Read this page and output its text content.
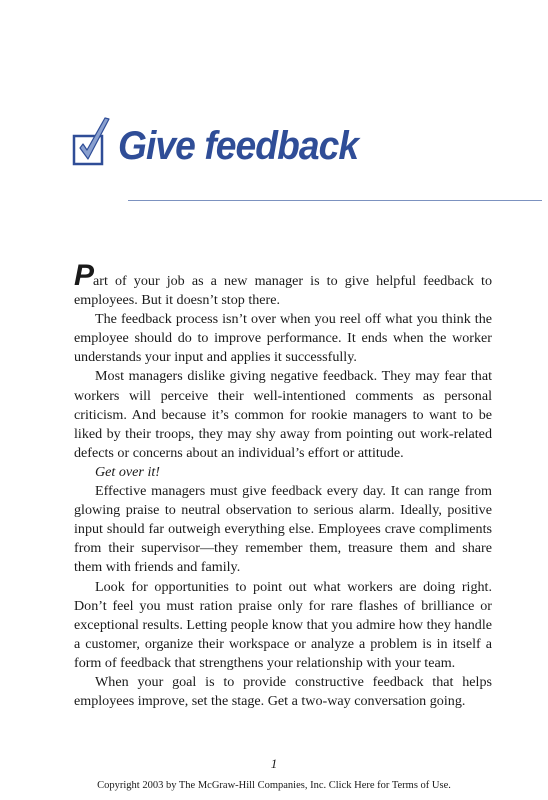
Give feedback

Part of your job as a new manager is to give helpful feedback to employees. But it doesn’t stop there.

The feedback process isn’t over when you reel off what you think the employee should do to improve performance. It ends when the worker understands your input and applies it successfully.

Most managers dislike giving negative feedback. They may fear that workers will perceive their well-intentioned comments as personal criticism. And because it’s common for rookie managers to want to be liked by their troops, they may shy away from pointing out work-related defects or concerns about an individual’s effort or attitude.

Get over it!

Effective managers must give feedback every day. It can range from glowing praise to neutral observation to serious alarm. Ideally, positive input should far outweigh everything else. Employees crave compliments from their supervisor—they remember them, treasure them and share them with friends and family.

Look for opportunities to point out what workers are doing right. Don’t feel you must ration praise only for rare flashes of brilliance or exceptional results. Letting people know that you admire how they handle a customer, organize their workspace or analyze a problem is in itself a form of feedback that strengthens your relationship with your team.

When your goal is to provide constructive feedback that helps employees improve, set the stage. Get a two-way conversation going.

1
Copyright 2003 by The McGraw-Hill Companies, Inc. Click Here for Terms of Use.
